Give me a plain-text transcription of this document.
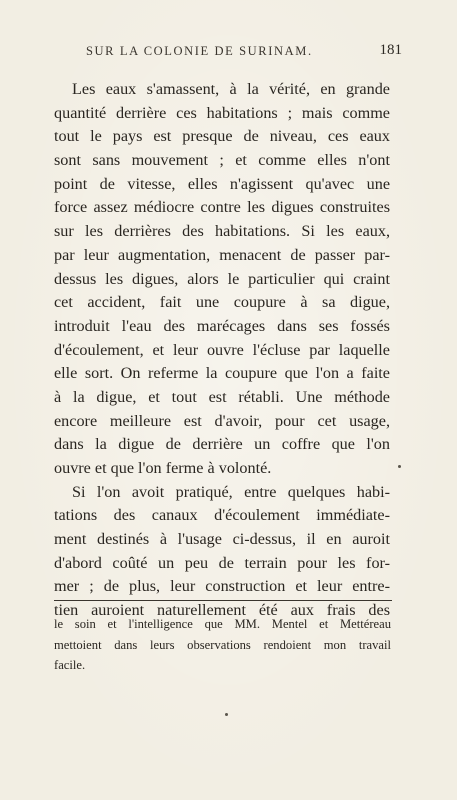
SUR LA COLONIE DE SURINAM.	181
Les eaux s'amassent, à la vérité, en grande
quantité derrière ces habitations ; mais comme
tout le pays est presque de niveau, ces eaux
sont sans mouvement ; et comme elles n'ont
point de vitesse, elles n'agissent qu'avec une
force assez médiocre contre les digues construites
sur les derrières des habitations. Si les eaux,
par leur augmentation, menacent de passer par-
dessus les digues, alors le particulier qui craint
cet accident, fait une coupure à sa digue,
introduit l'eau des marécages dans ses fossés
d'écoulement, et leur ouvre l'écluse par laquelle
elle sort. On referme la coupure que l'on a faite
à la digue, et tout est rétabli. Une méthode
encore meilleure est d'avoir, pour cet usage,
dans la digue de derrière un coffre que l'on
ouvre et que l'on ferme à volonté.
Si l'on avoit pratiqué, entre quelques habi-
tations des canaux d'écoulement immédiate-
ment destinés à l'usage ci-dessus, il en auroit
d'abord coûté un peu de terrain pour les for-
mer ; de plus, leur construction et leur entre-
tien auroient naturellement été aux frais des
le soin et l'intelligence que MM. Mentel et Mettéreau
mettoient dans leurs observations rendoient mon travail
facile.
